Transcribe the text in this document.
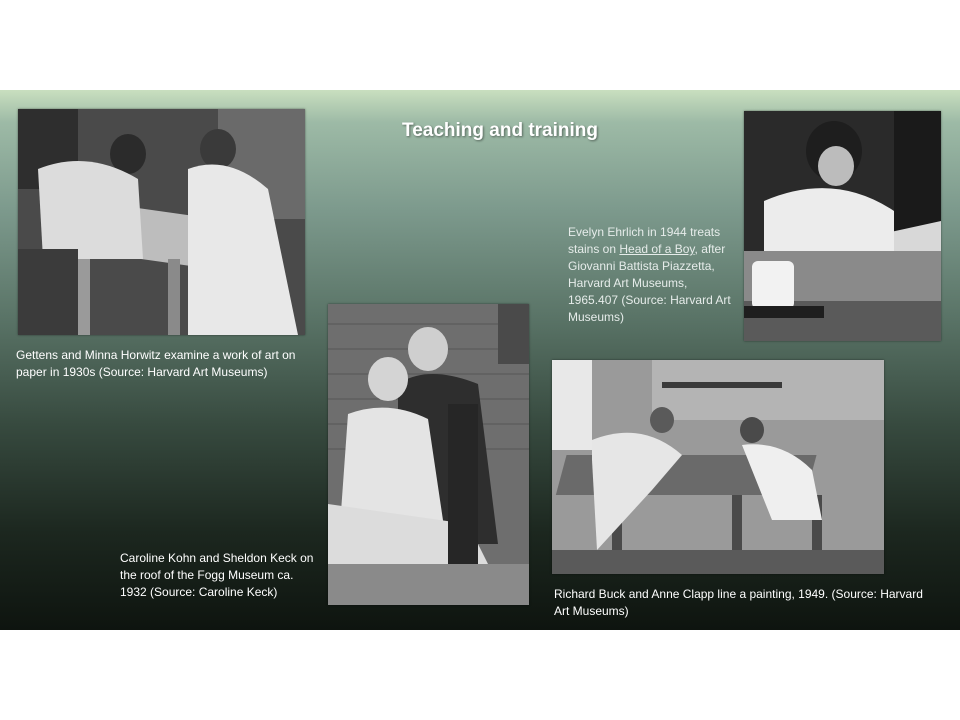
Teaching and training
Gettens and Minna Horwitz examine a work of art on paper in 1930s (Source: Harvard Art Museums)
Evelyn Ehrlich in 1944 treats stains on Head of a Boy, after Giovanni Battista Piazzetta, Harvard Art Museums, 1965.407 (Source: Harvard Art Museums)
Caroline Kohn and Sheldon Keck on the roof of the Fogg Museum ca. 1932 (Source: Caroline Keck)	Richard Buck and Anne Clapp line a painting, 1949. (Source: Harvard Art Museums)
